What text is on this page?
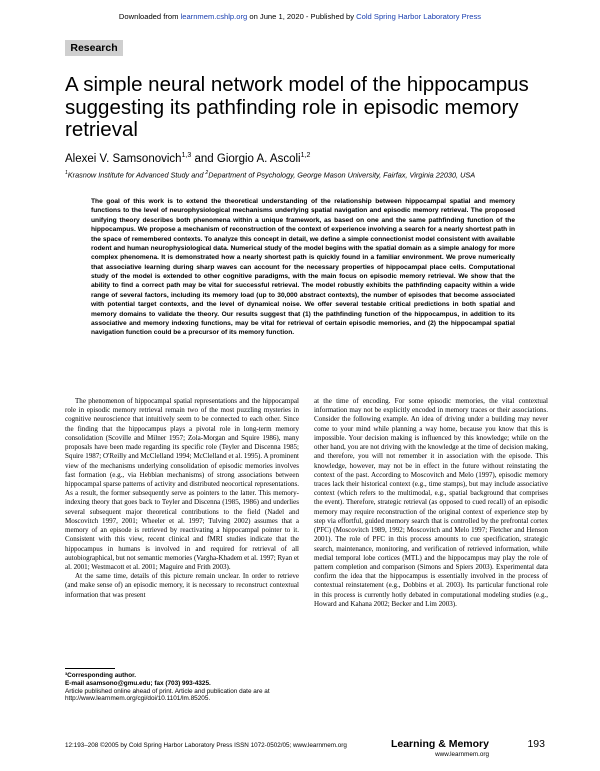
Downloaded from learnmem.cshlp.org on June 1, 2020 - Published by Cold Spring Harbor Laboratory Press
Research
A simple neural network model of the hippocampus suggesting its pathfinding role in episodic memory retrieval
Alexei V. Samsonovich$^{1,3}$ and Giorgio A. Ascoli$^{1,2}$
$^1$Krasnow Institute for Advanced Study and $^2$Department of Psychology, George Mason University, Fairfax, Virginia 22030, USA

The goal of this work is to extend the theoretical understanding of the relationship between hippocampal spatial and memory functions to the level of neurophysiological mechanisms underlying spatial navigation and episodic memory retrieval. The proposed unifying theory describes both phenomena within a unique framework, as based on one and the same pathfinding function of the hippocampus. We propose a mechanism of reconstruction of the context of experience involving a search for a nearly shortest path in the space of remembered contexts. To analyze this concept in detail, we define a simple connectionist model consistent with available rodent and human neurophysiological data. Numerical study of the model begins with the spatial domain as a simple analogy for more complex phenomena. It is demonstrated how a nearly shortest path is quickly found in a familiar environment. We prove numerically that associative learning during sharp waves can account for the necessary properties of hippocampal place cells. Computational study of the model is extended to other cognitive paradigms, with the main focus on episodic memory retrieval. We show that the ability to find a correct path may be vital for successful retrieval. The model robustly exhibits the pathfinding capacity within a wide range of several factors, including its memory load (up to 30,000 abstract contexts), the number of episodes that become associated with potential target contexts, and the level of dynamical noise. We offer several testable critical predictions in both spatial and memory domains to validate the theory. Our results suggest that (1) the pathfinding function of the hippocampus, in addition to its associative and memory indexing functions, may be vital for retrieval of certain episodic memories, and (2) the hippocampal spatial navigation function could be a precursor of its memory function.

The phenomenon of hippocampal spatial representations and the hippocampal role in episodic memory retrieval remain two of the most puzzling mysteries in cognitive neuroscience that intuitively seem to be connected to each other. Since the finding that the hippocampus plays a pivotal role in long-term memory consolidation (Scoville and Milner 1957; Zola-Morgan and Squire 1986), many proposals have been made regarding its specific role (Teyler and Discenna 1985; Squire 1987; O'Reilly and McClelland 1994; McClelland et al. 1995). A prominent view of the mechanisms underlying consolidation of episodic memories involves fast formation (e.g., via Hebbian mechanisms) of strong associations between hippocampal sparse patterns of activity and distributed neocortical representations. As a result, the former subsequently serve as pointers to the latter. This memory-indexing theory that goes back to Teyler and Discenna (1985, 1986) and underlies several subsequent major theoretical contributions to the field (Nadel and Moscovitch 1997, 2001; Wheeler et al. 1997; Tulving 2002) assumes that a memory of an episode is retrieved by reactivating a hippocampal pointer to it. Consistent with this view, recent clinical and fMRI studies indicate that the hippocampus in humans is involved in and required for retrieval of all autobiographical, but not semantic memories (Vargha-Khadem et al. 1997; Ryan et al. 2001; Westmacott et al. 2001; Maguire and Frith 2003).

At the same time, details of this picture remain unclear. In order to retrieve (and make sense of) an episodic memory, it is necessary to reconstruct contextual information that was present

at the time of encoding. For some episodic memories, the vital contextual information may not be explicitly encoded in memory traces or their associations. Consider the following example. An idea of driving under a building may never come to your mind while planning a way home, because you know that this is impossible. Your decision making is influenced by this knowledge; while on the other hand, you are not driving with the knowledge at the time of decision making, and therefore, you will not remember it in association with the episode. This knowledge, however, may not be in effect in the future without reinstating the context of the past. According to Moscovitch and Melo (1997), episodic memory traces lack their historical context (e.g., time stamps), but may include associative context (which refers to the multimodal, e.g., spatial background that comprises the event). Therefore, strategic retrieval (as opposed to cued recall) of an episodic memory may require reconstruction of the original context of experience step by step via effortful, guided memory search that is controlled by the prefrontal cortex (PFC) (Moscovitch 1989, 1992; Moscovitch and Melo 1997; Fletcher and Henson 2001). The role of PFC in this process amounts to cue specification, strategic search, maintenance, monitoring, and verification of retrieved information, while medial temporal lobe cortices (MTL) and the hippocampus may play the role of pattern completion and comparison (Simons and Spiers 2003). Experimental data confirm the idea that the hippocampus is essentially involved in the process of contextual reinstatement (e.g., Dobbins et al. 2003). Its particular functional role in this process is currently hotly debated in computational modeling studies (e.g., Howard and Kahana 2002; Becker and Lim 2003).

³Corresponding author.
E-mail asamsono@gmu.edu; fax (703) 993-4325.
Article published online ahead of print. Article and publication date are at http://www.learnmem.org/cgi/doi/10.1101/lm.85205.
12:193–208 ©2005 by Cold Spring Harbor Laboratory Press ISSN 1072-0502/05; www.learnmem.org	Learning & Memory	193
www.learnmem.org
